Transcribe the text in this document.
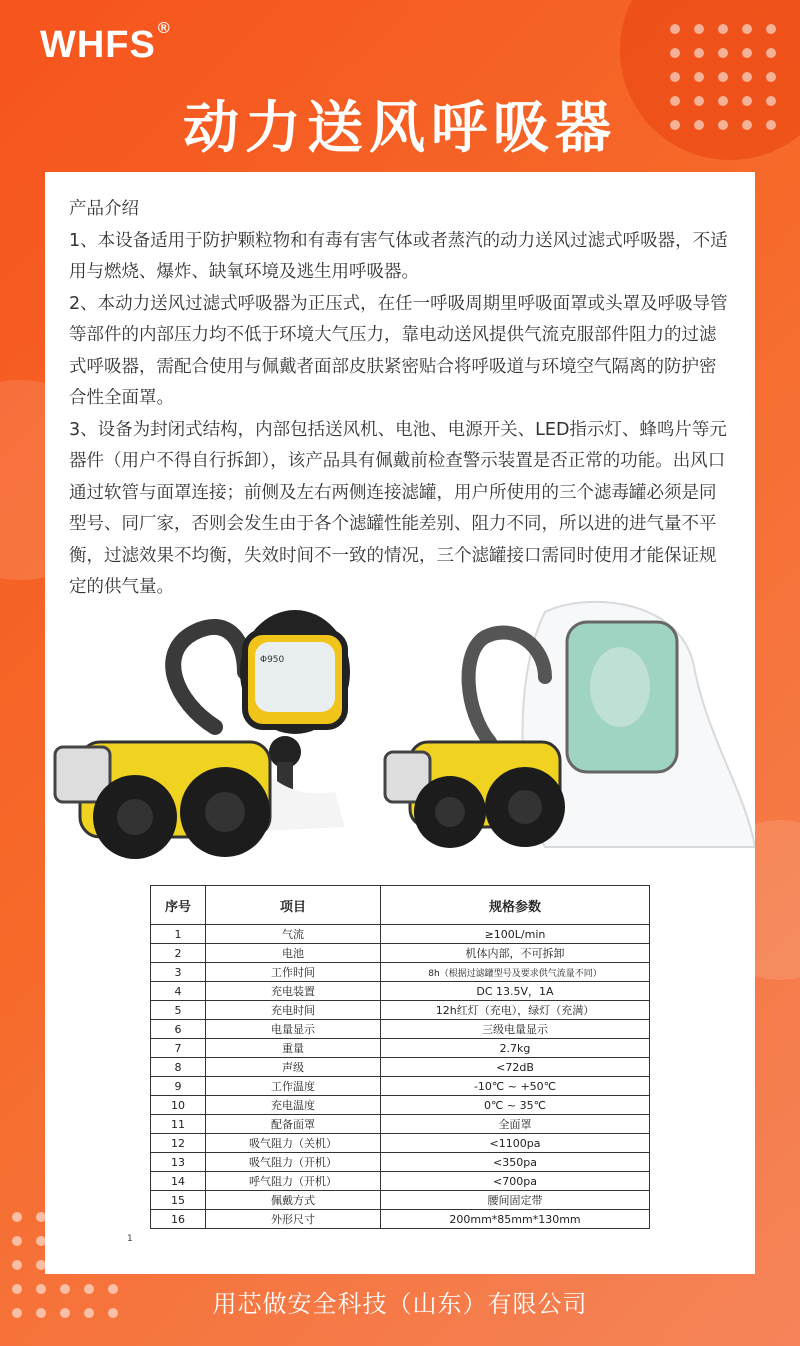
WHFS ®
动力送风呼吸器

产品介绍

1、本设备适用于防护颗粒物和有毒有害气体或者蒸汽的动力送风过滤式呼吸器，不适用与燃烧、爆炸、缺氧环境及逃生用呼吸器。

2、本动力送风过滤式呼吸器为正压式，在任一呼吸周期里呼吸面罩或头罩及呼吸导管等部件的内部压力均不低于环境大气压力，靠电动送风提供气流克服部件阻力的过滤式呼吸器，需配合使用与佩戴者面部皮肤紧密贴合将呼吸道与环境空气隔离的防护密合性全面罩。

3、设备为封闭式结构，内部包括送风机、电池、电源开关、LED指示灯、蜂鸣片等元器件（用户不得自行拆卸），该产品具有佩戴前检查警示装置是否正常的功能。出风口通过软管与面罩连接；前侧及左右两侧连接滤罐，用户所使用的三个滤毒罐必须是同型号、同厂家，否则会发生由于各个滤罐性能差别、阻力不同，所以进的进气量不平衡，过滤效果不均衡，失效时间不一致的情况，三个滤罐接口需同时使用才能保证规定的供气量。

Φ950
序号	项目	规格参数
1	气流	≥100L/min
2	电池	机体内部，不可拆卸
3	工作时间	8h（根据过滤罐型号及要求供气流量不同）
4	充电装置	DC 13.5V，1A
5	充电时间	12h红灯（充电），绿灯（充满）
6	电量显示	三级电量显示
7	重量	2.7kg
8	声级	<72dB
9	工作温度	-10℃ ~ +50℃
10	充电温度	0℃ ~ 35℃
11	配备面罩	全面罩
12	吸气阻力（关机）	<1100pa
13	吸气阻力（开机）	<350pa
14	呼气阻力（开机）	<700pa
15	佩戴方式	腰间固定带
16	外形尺寸	200mm*85mm*130mm
1
用芯做安全科技（山东）有限公司
